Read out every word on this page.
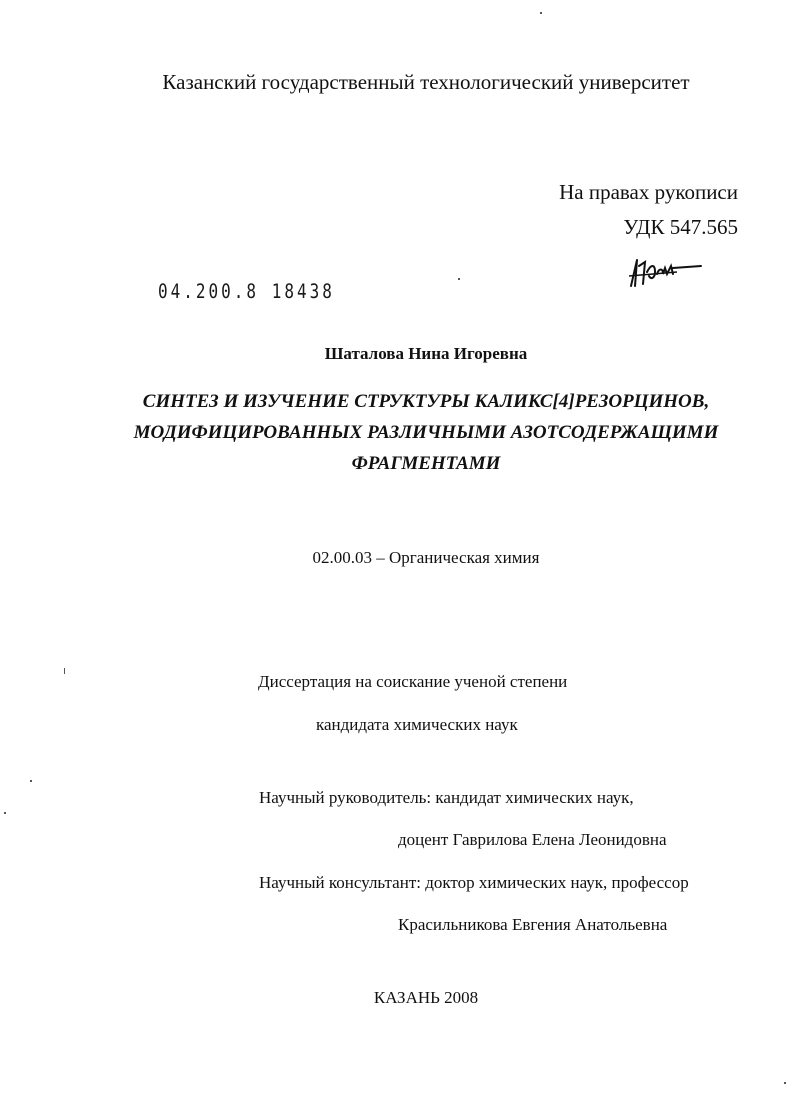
Казанский государственный технологический университет
На правах рукописи
УДК 547.565
04.200.8 18438
Шаталова Нина Игоревна
СИНТЕЗ И ИЗУЧЕНИЕ СТРУКТУРЫ КАЛИКС[4]РЕЗОРЦИНОВ,
МОДИФИЦИРОВАННЫХ РАЗЛИЧНЫМИ АЗОТСОДЕРЖАЩИМИ
ФРАГМЕНТАМИ
02.00.03 – Органическая химия
Диссертация на соискание ученой степени
кандидата химических наук
Научный руководитель: кандидат химических наук,
доцент Гаврилова Елена Леонидовна
Научный консультант: доктор химических наук, профессор
Красильникова Евгения Анатольевна
КАЗАНЬ 2008
